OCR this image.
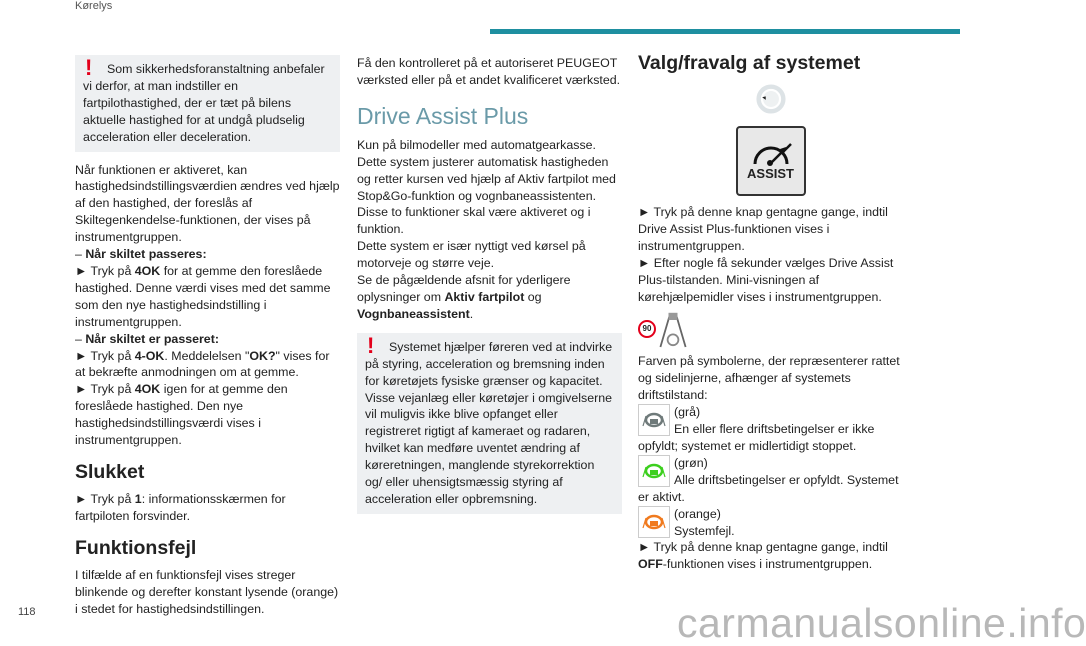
Kørelys
118
!	Som sikkerhedsforanstaltning anbefaler vi derfor, at man indstiller en fartpilothastighed, der er tæt på bilens aktuelle hastighed for at undgå pludselig acceleration eller deceleration.

Når funktionen er aktiveret, kan hastighedsindstillingsværdien ændres ved hjælp af den hastighed, der foreslås af Skiltegenkendelse-funktionen, der vises på instrumentgruppen.

– Når skiltet passeres:

► Tryk på 4OK for at gemme den foreslåede hastighed. Denne værdi vises med det samme som den nye hastighedsindstilling i instrumentgruppen.

– Når skiltet er passeret:

► Tryk på 4-OK. Meddelelsen "OK?" vises for at bekræfte anmodningen om at gemme.

► Tryk på 4OK igen for at gemme den foreslåede hastighed. Den nye hastighedsindstillingsværdi vises i instrumentgruppen.

Slukket

► Tryk på 1: informationsskærmen for fartpiloten forsvinder.

Funktionsfejl

I tilfælde af en funktionsfejl vises streger blinkende og derefter konstant lysende (orange) i stedet for hastighedsindstillingen.

Få den kontrolleret på et autoriseret PEUGEOT værksted eller på et andet kvalificeret værksted.

Drive Assist Plus

Kun på bilmodeller med automatgearkasse.

Dette system justerer automatisk hastigheden og retter kursen ved hjælp af Aktiv fartpilot med Stop&Go-funktion og vognbaneassistenten.

Disse to funktioner skal være aktiveret og i funktion.

Dette system er især nyttigt ved kørsel på motorveje og større veje.

Se de pågældende afsnit for yderligere oplysninger om Aktiv fartpilot og Vognbaneassistent.

!	Systemet hjælper føreren ved at indvirke på styring, acceleration og bremsning inden for køretøjets fysiske grænser og kapacitet. Visse vejanlæg eller køretøjer i omgivelserne vil muligvis ikke blive opfanget eller registreret rigtigt af kameraet og radaren, hvilket kan medføre uventet ændring af køreretningen, manglende styrekorrektion og/ eller uhensigtsmæssig styring af acceleration eller opbremsning.
Valg/fravalg af systemet
ASSIST

► Tryk på denne knap gentagne gange, indtil Drive Assist Plus-funktionen vises i instrumentgruppen.

► Efter nogle få sekunder vælges Drive Assist Plus-tilstanden. Mini-visningen af kørehjælpemidler vises i instrumentgruppen.

90

Farven på symbolerne, der repræsenterer rattet og sidelinjerne, afhænger af systemets driftstilstand:

(grå)
En eller flere driftsbetingelser er ikke opfyldt; systemet er midlertidigt stoppet.
(grøn)
Alle driftsbetingelser er opfyldt. Systemet er aktivt.
(orange)
Systemfejl.

► Tryk på denne knap gentagne gange, indtil OFF-funktionen vises i instrumentgruppen.

carmanualsonline.info
